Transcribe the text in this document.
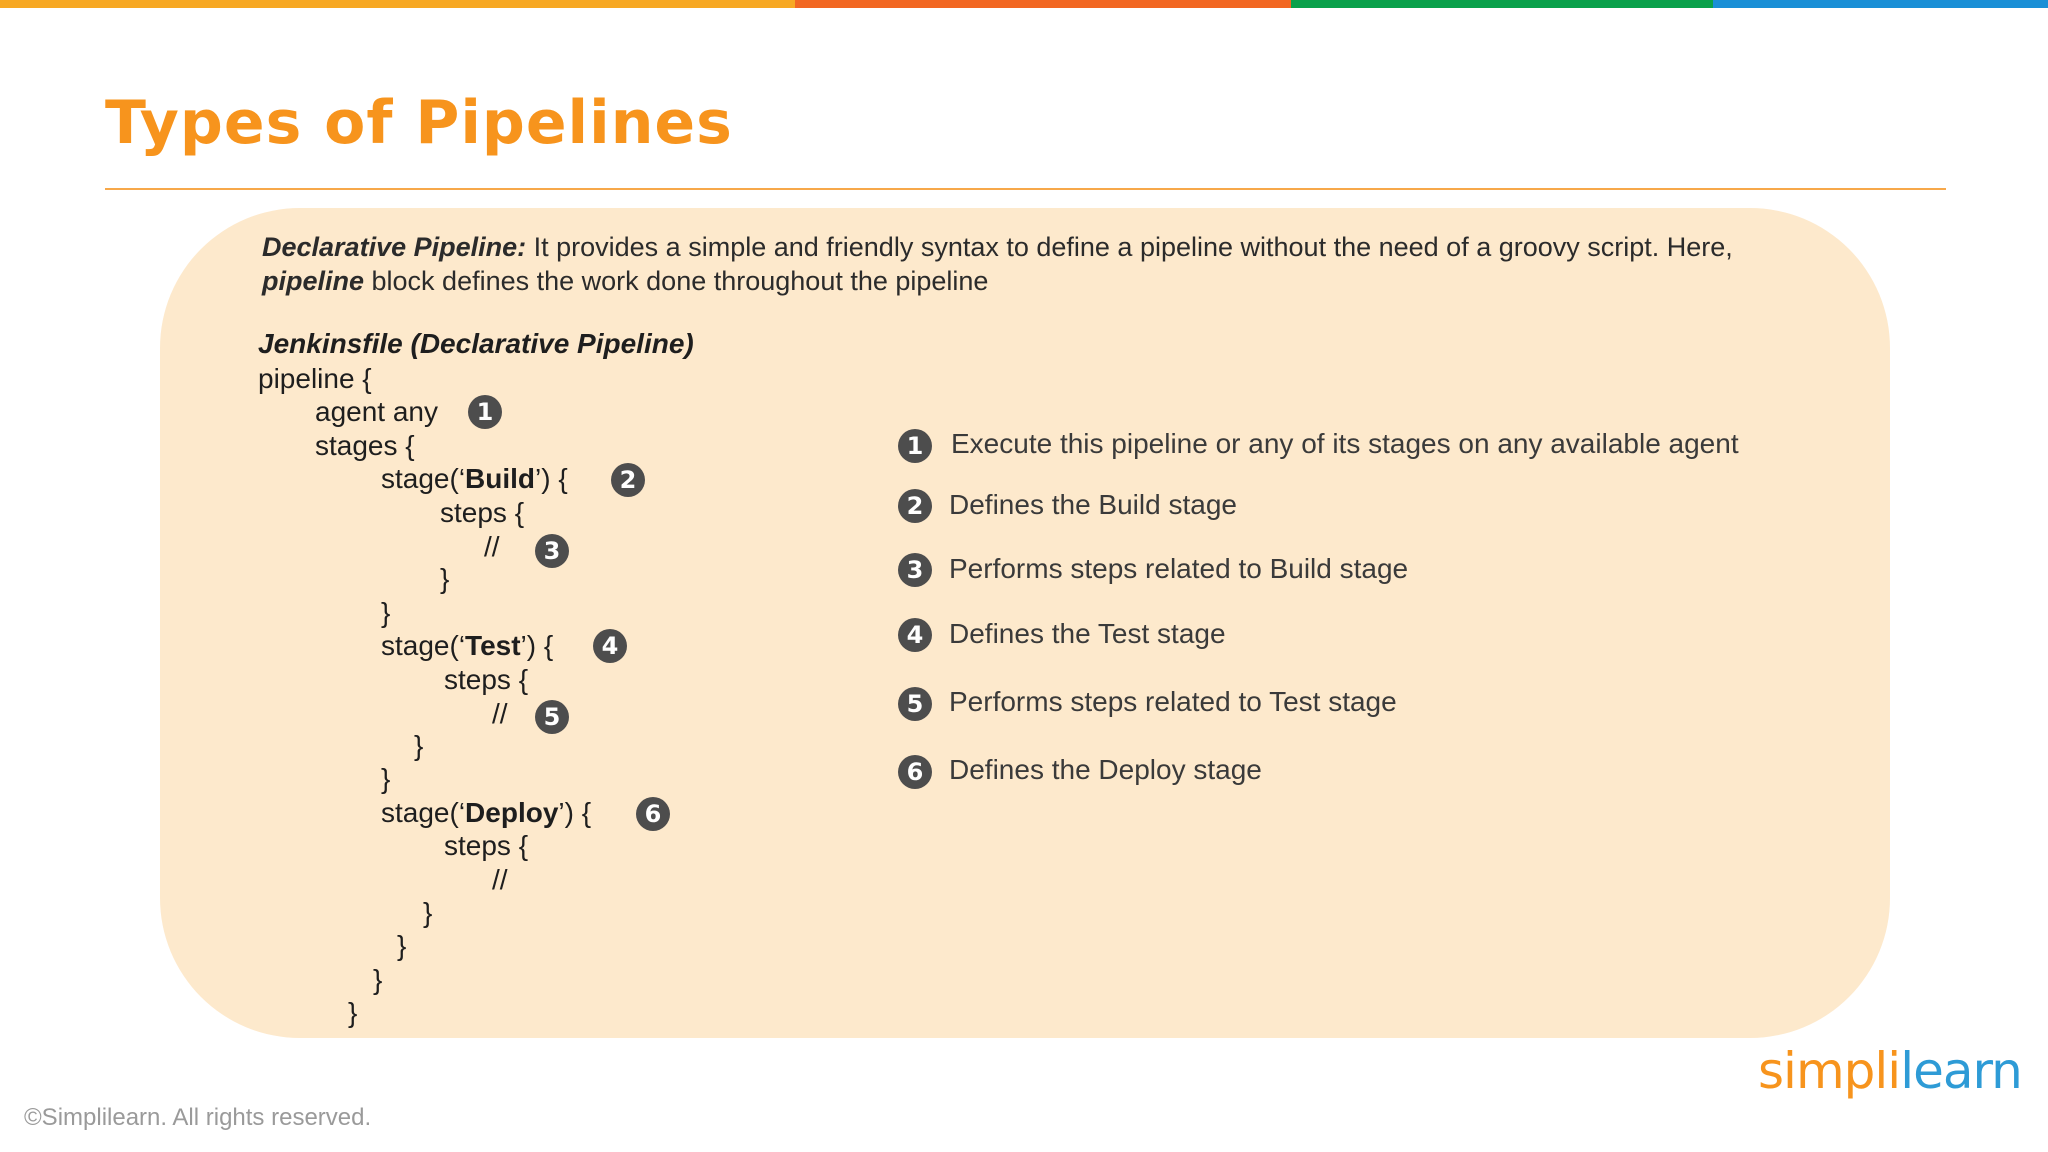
Types of Pipelines
Declarative Pipeline: It provides a simple and friendly syntax to define a pipeline without the need of a groovy script. Here, pipeline block defines the work done throughout the pipeline
Jenkinsfile (Declarative Pipeline)
pipeline {
agent any
stages {
stage(‘Build’) {
steps {
//
}
}
stage(‘Test’) {
steps {
//
}
}
stage(‘Deploy’) {
steps {
//
}
}
}
}
1
2
3
4
5
6
1 Execute this pipeline or any of its stages on any available agent
2 Defines the Build stage
3 Performs steps related to Build stage
4 Defines the Test stage
5 Performs steps related to Test stage
6 Defines the Deploy stage
simplilearn
©Simplilearn. All rights reserved.
